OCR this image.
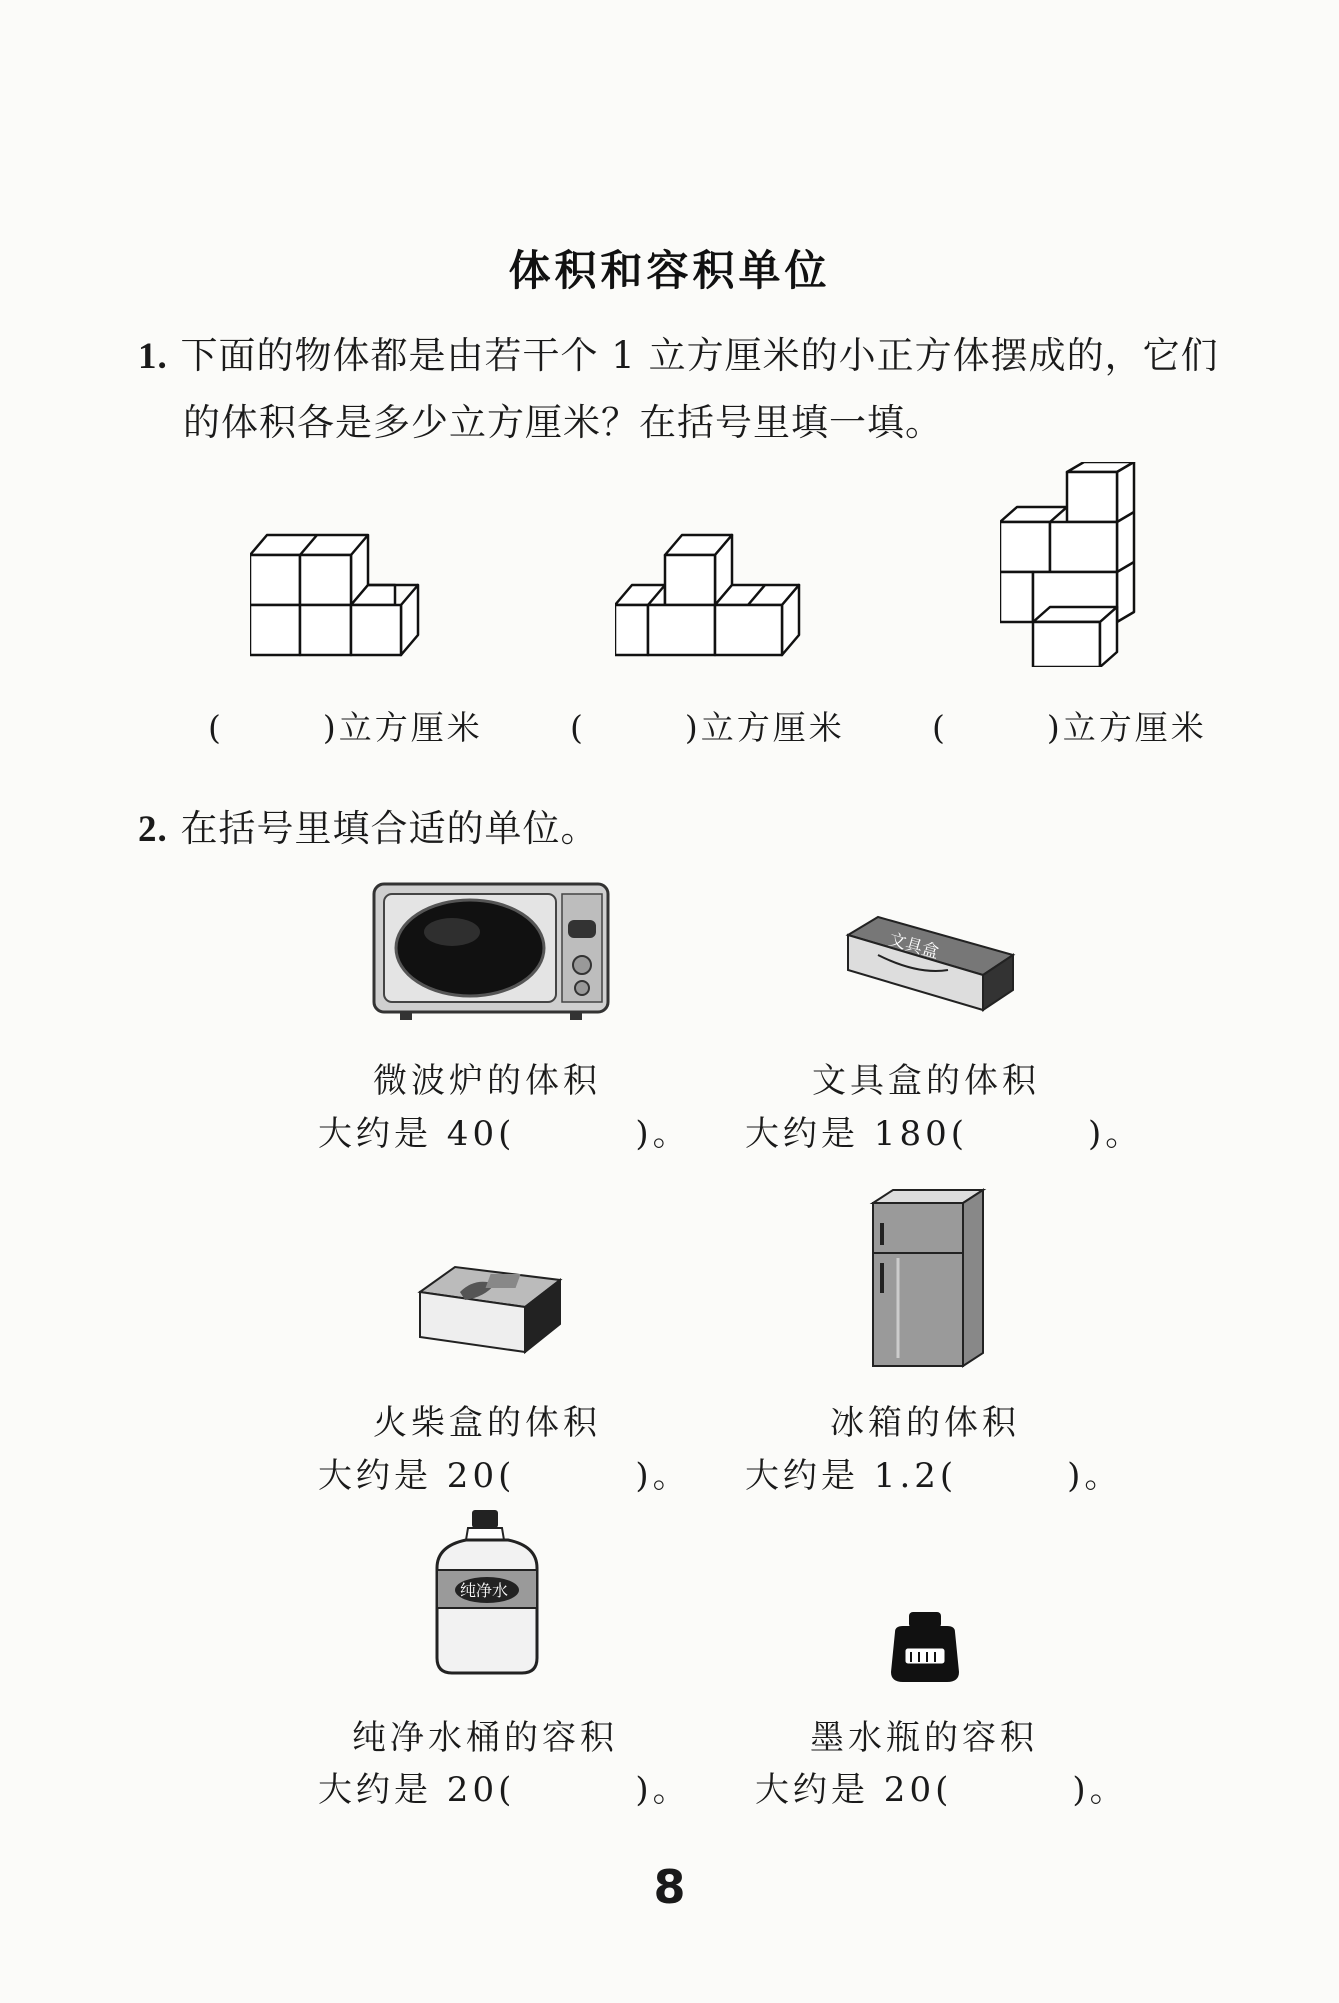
体积和容积单位
1. 下面的物体都是由若干个 1 立方厘米的小正方体摆成的，它们
的体积各是多少立方厘米？在括号里填一填。
(	)立方厘米	(	)立方厘米	(	)立方厘米
2. 在括号里填合适的单位。
文具盒
微波炉的体积
大约是 40(	)。
文具盒的体积
大约是 180(	)。
火柴盒的体积
大约是 20(	)。
冰箱的体积
大约是 1.2(	)。
纯净水
纯净水桶的容积
大约是 20(	)。
墨水瓶的容积
大约是 20(	)。
8
